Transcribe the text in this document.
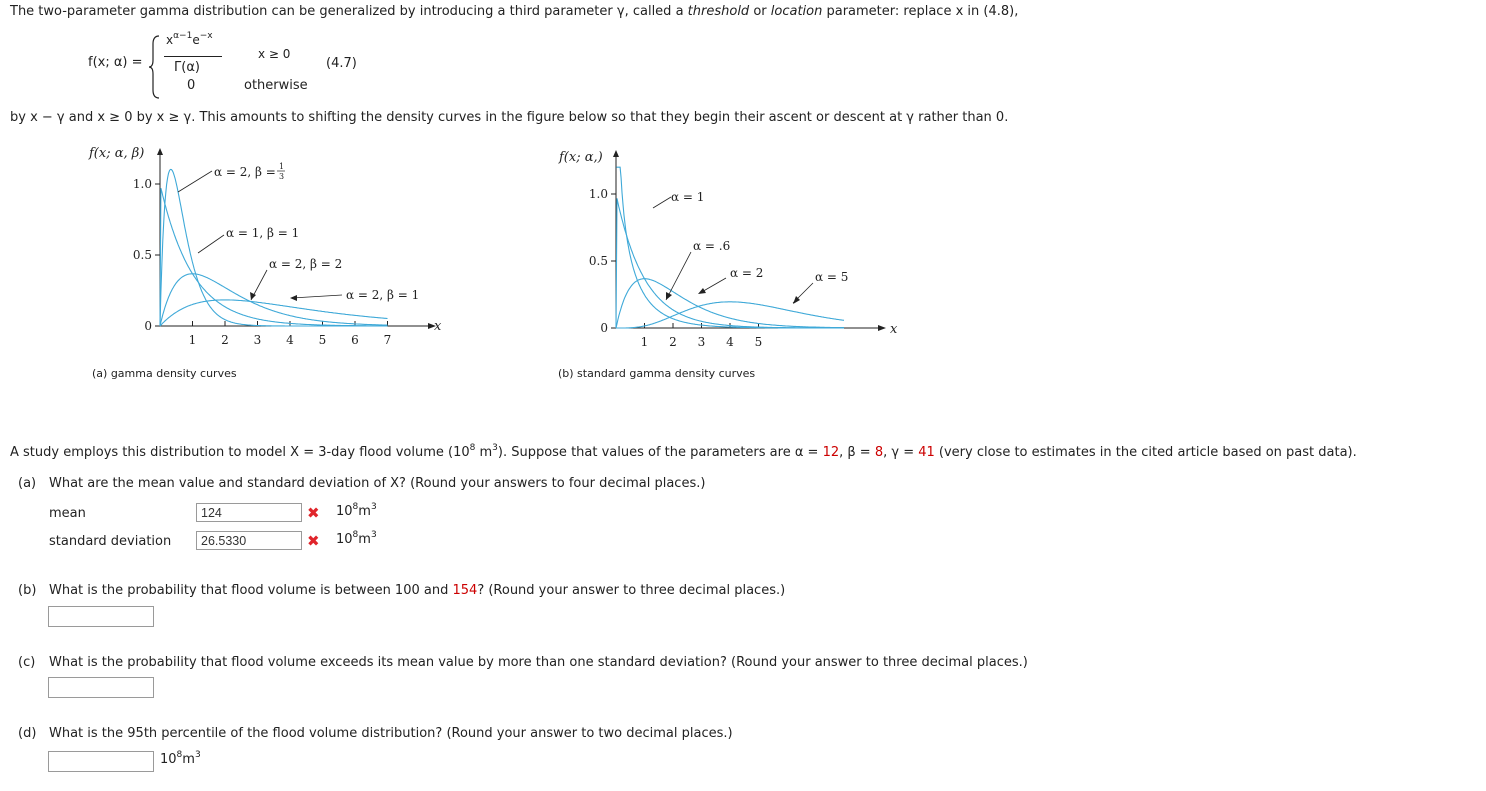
The two-parameter gamma distribution can be generalized by introducing a third parameter γ, called a threshold or location parameter: replace x in (4.8),
f(x; α) =
$x^{\alpha-1}e^{-x}$
Γ(α)
x ≥ 0
(4.7)
0	otherwise
by x − γ and x ≥ 0 by x ≥ γ. This amounts to shifting the density curves in the figure below so that they begin their ascent or descent at γ rather than 0.
f(x; α, β)
x
1.0
0.5
0
1 2 3 4 5 6 7
α = 2, β = 1
3
α = 1, β = 1
α = 2, β = 2
α = 2, β = 1
(a) gamma density curves
f(x; α,)
x
1.0
0.5
0
1 2 3 4 5
α = 1
α = .6
α = 2	α = 5
(b) standard gamma density curves
A study employs this distribution to model X = 3-day flood volume ($10^8$ $m^3$). Suppose that values of the parameters are α = 12, β = 8, γ = 41 (very close to estimates in the cited article based on past data).
(a) What are the mean value and standard deviation of X? (Round your answers to four decimal places.)
mean
124	✖ $10^8m^3$
standard deviation
26.5330	✖ $10^8m^3$
(b) What is the probability that flood volume is between 100 and 154? (Round your answer to three decimal places.)
(c) What is the probability that flood volume exceeds its mean value by more than one standard deviation? (Round your answer to three decimal places.)
(d) What is the 95th percentile of the flood volume distribution? (Round your answer to two decimal places.)
$10^8m^3$
